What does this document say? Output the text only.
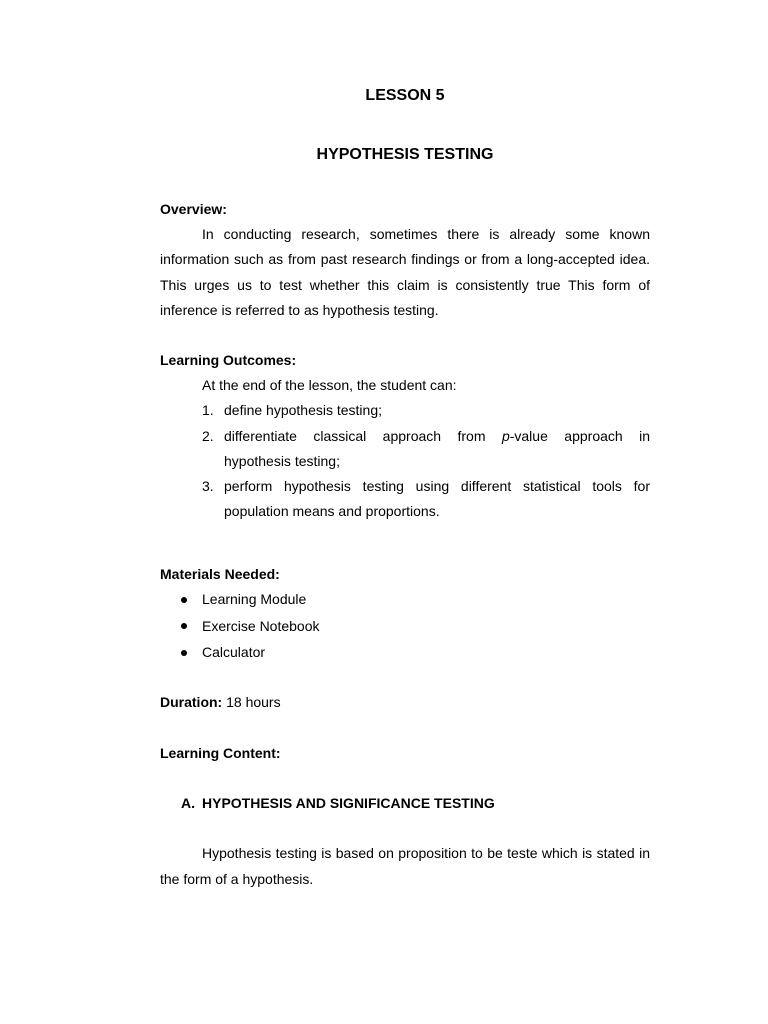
LESSON 5
HYPOTHESIS TESTING
Overview:
In conducting research, sometimes there is already some known
information such as from past research findings or from a long-accepted idea.
This urges us to test whether this claim is consistently true This form of
inference is referred to as hypothesis testing.
Learning Outcomes:
At the end of the lesson, the student can:
1. define hypothesis testing;
2. differentiate classical approach from p-value approach in
hypothesis testing;
3. perform hypothesis testing using different statistical tools for
population means and proportions.
Materials Needed:
Learning Module
Exercise Notebook
Calculator
Duration: 18 hours
Learning Content:
A. HYPOTHESIS AND SIGNIFICANCE TESTING
Hypothesis testing is based on proposition to be teste which is stated in
the form of a hypothesis.
